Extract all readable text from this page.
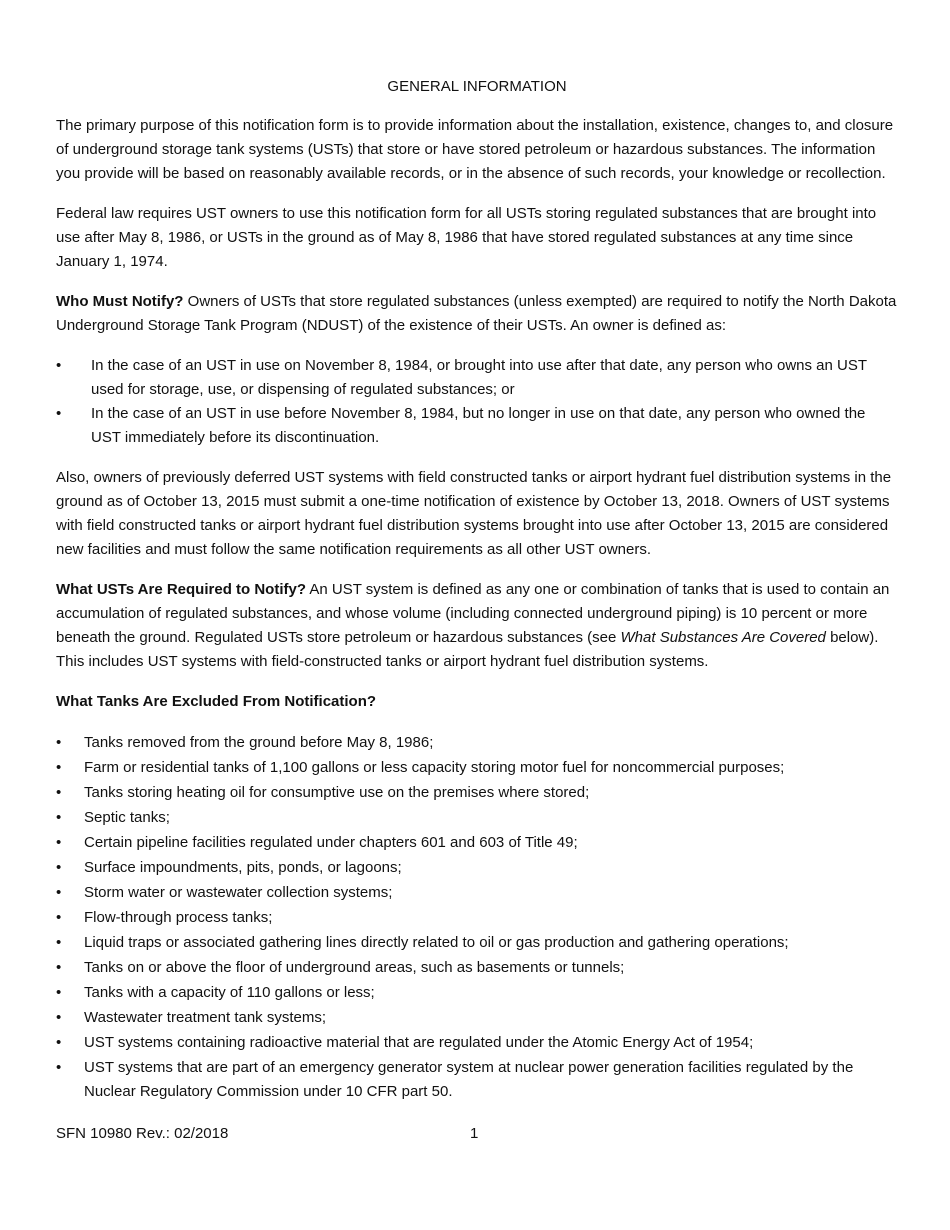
GENERAL INFORMATION

The primary purpose of this notification form is to provide information about the installation, existence, changes to, and closure of underground storage tank systems (USTs) that store or have stored petroleum or hazardous substances. The information you provide will be based on reasonably available records, or in the absence of such records, your knowledge or recollection.

Federal law requires UST owners to use this notification form for all USTs storing regulated substances that are brought into use after May 8, 1986, or USTs in the ground as of May 8, 1986 that have stored regulated substances at any time since January 1, 1974.

Who Must Notify? Owners of USTs that store regulated substances (unless exempted) are required to notify the North Dakota Underground Storage Tank Program (NDUST) of the existence of their USTs. An owner is defined as:

• In the case of an UST in use on November 8, 1984, or brought into use after that date, any person who owns an UST used for storage, use, or dispensing of regulated substances; or
• In the case of an UST in use before November 8, 1984, but no longer in use on that date, any person who owned the UST immediately before its discontinuation.

Also, owners of previously deferred UST systems with field constructed tanks or airport hydrant fuel distribution systems in the ground as of October 13, 2015 must submit a one-time notification of existence by October 13, 2018. Owners of UST systems with field constructed tanks or airport hydrant fuel distribution systems brought into use after October 13, 2015 are considered new facilities and must follow the same notification requirements as all other UST owners.

What USTs Are Required to Notify? An UST system is defined as any one or combination of tanks that is used to contain an accumulation of regulated substances, and whose volume (including connected underground piping) is 10 percent or more beneath the ground. Regulated USTs store petroleum or hazardous substances (see What Substances Are Covered below). This includes UST systems with field-constructed tanks or airport hydrant fuel distribution systems.

What Tanks Are Excluded From Notification?

• Tanks removed from the ground before May 8, 1986;
• Farm or residential tanks of 1,100 gallons or less capacity storing motor fuel for noncommercial purposes;
• Tanks storing heating oil for consumptive use on the premises where stored;
• Septic tanks;
• Certain pipeline facilities regulated under chapters 601 and 603 of Title 49;
• Surface impoundments, pits, ponds, or lagoons;
• Storm water or wastewater collection systems;
• Flow-through process tanks;
• Liquid traps or associated gathering lines directly related to oil or gas production and gathering operations;
• Tanks on or above the floor of underground areas, such as basements or tunnels;
• Tanks with a capacity of 110 gallons or less;
• Wastewater treatment tank systems;
• UST systems containing radioactive material that are regulated under the Atomic Energy Act of 1954;
• UST systems that are part of an emergency generator system at nuclear power generation facilities regulated by the Nuclear Regulatory Commission under 10 CFR part 50.
SFN 10980 Rev.: 02/2018	1
